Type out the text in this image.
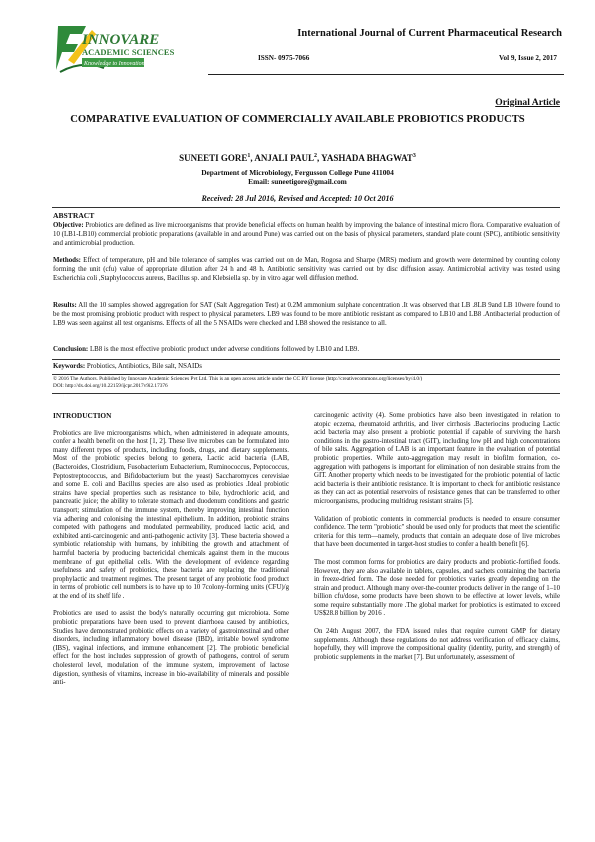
INNOVARE
ACADEMIC SCIENCES
Knowledge to Innovation
International Journal of Current Pharmaceutical Research
ISSN- 0975-7066	Vol 9, Issue 2, 2017
Original Article
COMPARATIVE EVALUATION OF COMMERCIALLY AVAILABLE PROBIOTICS PRODUCTS
SUNEETI GORE$^1$, ANJALI PAUL$^2$, YASHADA BHAGWAT$^3$
Department of Microbiology, Fergusson College Pune 411004
Email: suneetigore@gmail.com
Received: 28 Jul 2016, Revised and Accepted: 10 Oct 2016
ABSTRACT
Objective: Probiotics are defined as live microorganisms that provide beneficial effects on human health by improving the balance of intestinal micro flora. Comparative evaluation of 10 (LB1-LB10) commercial probiotic preparations (available in and around Pune) was carried out on the basis of physical parameters, standard plate count (SPC), antibiotic sensitivity and antimicrobial production.
Methods: Effect of temperature, pH and bile tolerance of samples was carried out on de Man, Rogosa and Sharpe (MRS) medium and growth were determined by counting colony forming the unit (cfu) value of appropriate dilution after 24 h and 48 h. Antibiotic sensitivity was carried out by disc diffusion assay. Antimicrobial activity was tested using Escherichia coli ,Staphylococcus aureus, Bacillus sp. and Klebsiella sp. by in vitro agar well diffusion method.
Results: All the 10 samples showed aggregation for SAT (Salt Aggregation Test) at 0.2M ammonium sulphate concentration .It was observed that LB .8LB 9and LB 10were found to be the most promising probiotic product with respect to physical parameters. LB9 was found to be more antibiotic resistant as compared to LB10 and LB8 .Antibacterial production of LB9 was seen against all test organisms. Effects of all the 5 NSAIDs were checked and LB8 showed the resistance to all.
Conclusion: LB8 is the most effective probiotic product under adverse conditions followed by LB10 and LB9.
Keywords: Probiotics, Antibiotics, Bile salt, NSAIDs
© 2016 The Authors. Published by Innovare Academic Sciences Pvt Ltd. This is an open access article under the CC BY license (http://creativecommons.org/licenses/by/4.0/)
DOI: http://dx.doi.org/10.22159/ijcpr.2017v9i2.17376
INTRODUCTION

Probiotics are live microorganisms which, when administered in adequate amounts, confer a health benefit on the host [1, 2]. These live microbes can be formulated into many different types of products, including foods, drugs, and dietary supplements. Most of the probiotic species belong to genera, Lactic acid bacteria (LAB, (Bacteroides, Clostridium, Fusobacterium Eubacterium, Ruminococcus, Peptococcus, Peptostreptococcus, and Bifidobacterium but the yeast) Saccharomyces cerevisiae and some E. coli and Bacillus species are also used as probiotics .Ideal probiotic strains have special properties such as resistance to bile, hydrochloric acid, and pancreatic juice; the ability to tolerate stomach and duodenum conditions and gastric transport; stimulation of the immune system, thereby improving intestinal function via adhering and colonising the intestinal epithelium. In addition, probiotic strains competed with pathogens and modulated permeability, produced lactic acid, and exhibited anti-carcinogenic and anti-pathogenic activity [3]. These bacteria showed a symbiotic relationship with humans, by inhibiting the growth and attachment of harmful bacteria by producing bactericidal chemicals against them in the mucous membrane of gut epithelial cells. With the development of evidence regarding usefulness and safety of probiotics, these bacteria are replacing the traditional prophylactic and treatment regimes. The present target of any probiotic food product in terms of probiotic cell numbers is to have up to 10 7colony-forming units (CFU)/g at the end of its shelf life .

Probiotics are used to assist the body's naturally occurring gut microbiota. Some probiotic preparations have been used to prevent diarrhoea caused by antibiotics, Studies have demonstrated probiotic effects on a variety of gastrointestinal and other disorders, including inflammatory bowel disease (IBD), irritable bowel syndrome (IBS), vaginal infections, and immune enhancement [2]. The probiotic beneficial effect for the host includes suppression of growth of pathogens, control of serum cholesterol level, modulation of the immune system, improvement of lactose digestion, synthesis of vitamins, increase in bio-availability of minerals and possible anti-

carcinogenic activity (4). Some probiotics have also been investigated in relation to atopic eczema, rheumatoid arthritis, and liver cirrhosis .Bacteriocins producing Lactic acid bacteria may also present a probiotic potential if capable of surviving the harsh conditions in the gastro-intestinal tract (GIT), including low pH and high concentrations of bile salts. Aggregation of LAB is an important feature in the evaluation of potential probiotic properties. While auto-aggregation may result in biofilm formation, co-aggregation with pathogens is important for elimination of non desirable strains from the GIT. Another property which needs to be investigated for the probiotic potential of lactic acid bacteria is their antibiotic resistance. It is important to check for antibiotic resistance as they can act as potential reservoirs of resistance genes that can be transferred to other microorganisms, producing multidrug resistant strains [5].

Validation of probiotic contents in commercial products is needed to ensure consumer confidence. The term "probiotic" should be used only for products that meet the scientific criteria for this term—namely, products that contain an adequate dose of live microbes that have been documented in target-host studies to confer a health benefit [6].

The most common forms for probiotics are dairy products and probiotic-fortified foods. However, they are also available in tablets, capsules, and sachets containing the bacteria in freeze-dried form. The dose needed for probiotics varies greatly depending on the strain and product. Although many over-the-counter products deliver in the range of 1–10 billion cfu/dose, some products have been shown to be effective at lower levels, while some require substantially more .The global market for probiotics is estimated to exceed US$28.8 billion by 2016 .

On 24th August 2007, the FDA issued rules that require current GMP for dietary supplements. Although these regulations do not address verification of efficacy claims, hopefully, they will improve the compositional quality (identity, purity, and strength) of probiotic supplements in the market [7]. But unfortunately, assessment of
